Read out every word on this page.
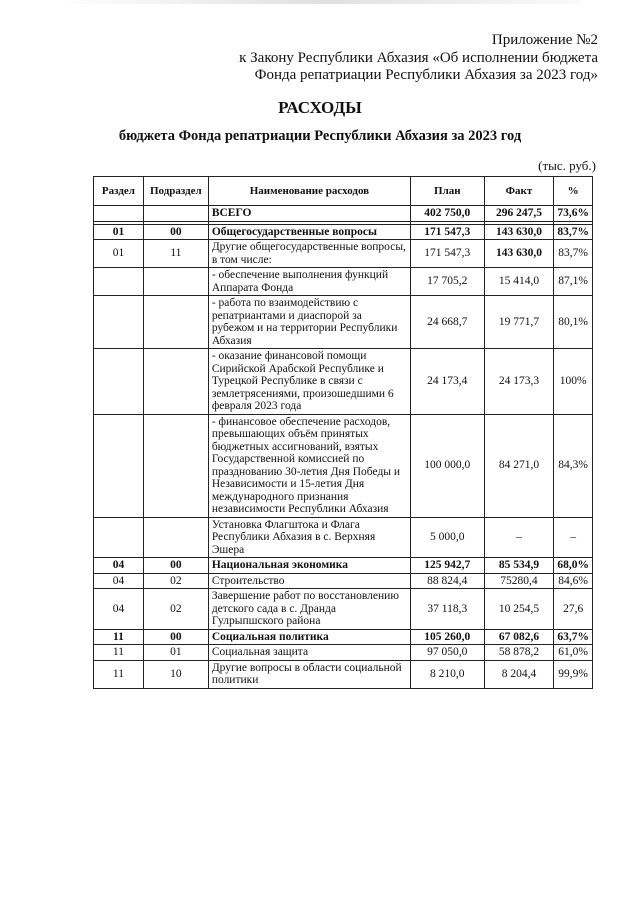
Приложение №2
к Закону Республики Абхазия «Об исполнении бюджета
Фонда репатриации Республики Абхазия за 2023 год»
РАСХОДЫ
бюджета Фонда репатриации Республики Абхазия за 2023 год
(тыс. руб.)
Раздел	Подраздел	Наименование расходов	План	Факт	%
		ВСЕГО	402 750,0	296 247,5	73,6%

01	00	Общегосударственные вопросы	171 547,3	143 630,0	83,7%
01	11	Другие общегосударственные вопросы, в том числе:	171 547,3	143 630,0	83,7%
		- обеспечение выполнения функций Аппарата Фонда	17 705,2	15 414,0	87,1%
		- работа по взаимодействию с репатриантами и диаспорой за рубежом и на территории Республики Абхазия	24 668,7	19 771,7	80,1%
		- оказание финансовой помощи Сирийской Арабской Республике и Турецкой Республике в связи с землетрясениями, произошедшими 6 февраля 2023 года	24 173,4	24 173,3	100%
		- финансовое обеспечение расходов, превышающих объём принятых бюджетных ассигнований, взятых Государственной комиссией по празднованию 30-летия Дня Победы и Независимости и 15-летия Дня международного признания независимости Республики Абхазия	100 000,0	84 271,0	84,3%
		Установка Флагштока и Флага Республики Абхазия в с. Верхняя Эшера	5 000,0	–	–
04	00	Национальная экономика	125 942,7	85 534,9	68,0%
04	02	Строительство	88 824,4	75280,4	84,6%
04	02	Завершение работ по восстановлению детского сада в с. Дранда Гулрыпшского района	37 118,3	10 254,5	27,6
11	00	Социальная политика	105 260,0	67 082,6	63,7%
11	01	Социальная защита	97 050,0	58 878,2	61,0%
11	10	Другие вопросы в области социальной политики	8 210,0	8 204,4	99,9%
